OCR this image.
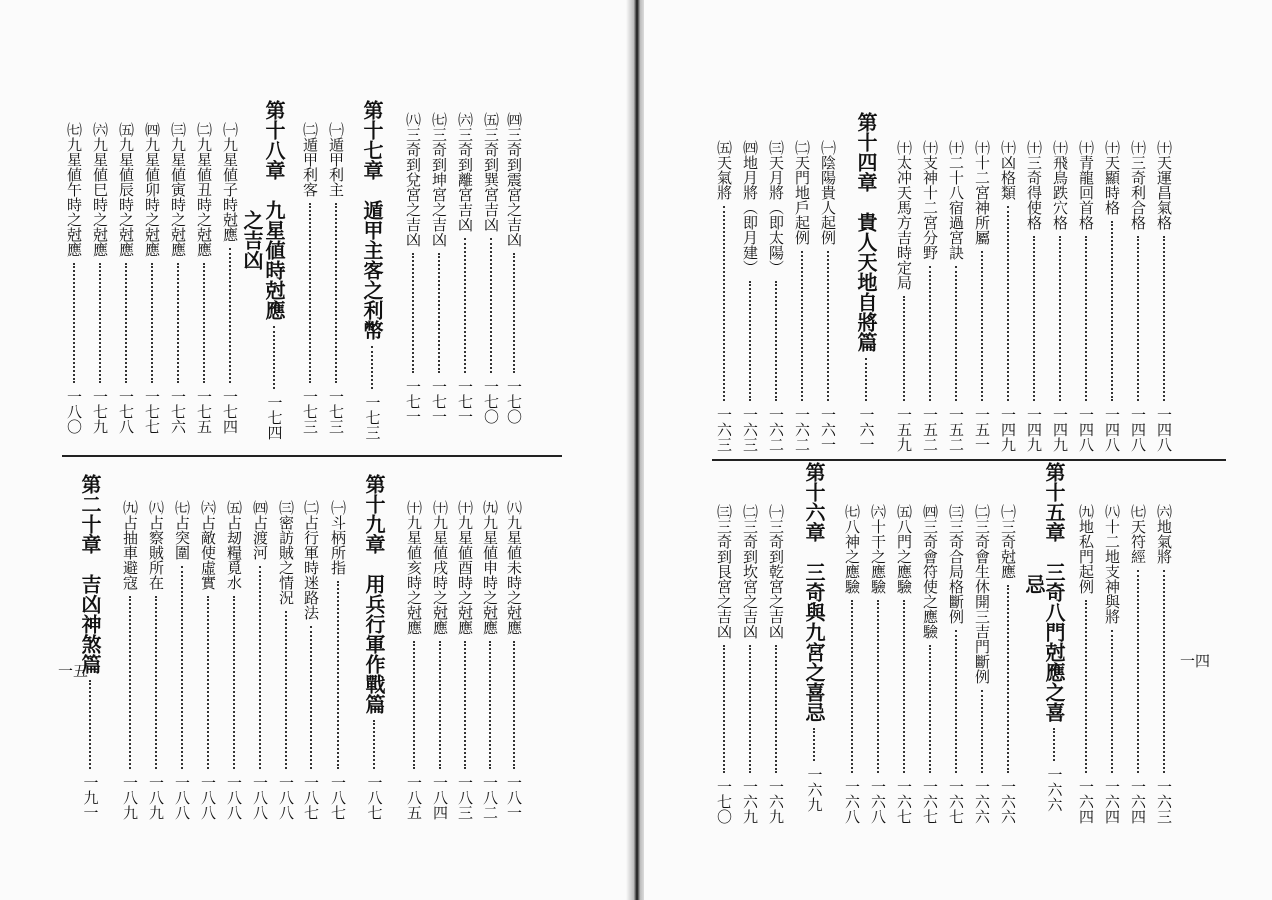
㈣三奇到震宮之吉凶
一七〇
㈤三奇到巽宮吉凶
一七〇
㈥三奇到離宮吉凶
一七一
㈦三奇到坤宮之吉凶
一七一
㈧三奇到兌宮之吉凶
一七一
第十七章　遁甲主客之利幣
一七三
㈠遁甲利主
一七三
㈡遁甲利客
一七三
第十八章　九星値時尅應
一七四
之吉凶
㈠九星値子時尅應
一七四
㈡九星値丑時之尅應
一七五
㈢九星値寅時之尅應
一七六
㈣九星値卯時之尅應
一七七
㈤九星値辰時之尅應
一七八
㈥九星値巳時之尅應
一七九
㈦九星値午時之尅應
一八〇
㈧九星値未時之尅應
一八一
㈨九星値申時之尅應
一八二
㈩九星値酉時之尅應
一八三
㈩九星値戌時之尅應
一八四
㈩九星値亥時之尅應
一八五
第十九章　用兵行軍作戰篇
一八七
㈠斗柄所指
一八七
㈡占行軍時迷路法
一八七
㈢密訪賊之情況
一八八
㈣占渡河
一八八
㈤占刼糧覓水
一八八
㈥占敵使虛實
一八八
㈦占突圍
一八八
㈧占察賊所在
一八九
㈨占抽車避寇
一八九
第二十章　吉凶神煞篇
一九一
一五
㈩天運昌氣格
一四八
㈩三奇利合格
一四八
㈩天顯時格
一四八
㈩青龍回首格
一四八
㈩飛鳥跌穴格
一四九
㈩三奇得使格
一四九
㈩凶格類
一四九
㈩十二宮神所屬
一五一
㈩二十八宿過宮訣
一五二
㈩支神十二宮分野
一五二
㈩太冲天馬方吉時定局
一五九
第十四章　貴人天地自將篇
一六一
㈠陰陽貴人起例
一六一
㈡天門地戶起例
一六二
㈢天月將（即太陽）
一六二
㈣地月將（即月建）
一六三
㈤天氣將
一六三
㈥地氣將
一六三
㈦天符經
一六四
㈧十二地支神與將
一六四
㈨地私門起例
一六四
第十五章　三奇八門尅應之喜
一六六
忌
㈠三奇尅應
一六六
㈡三奇會生休開三吉門斷例
一六六
㈢三奇合局格斷例
一六七
㈣三奇會符使之應驗
一六七
㈤八門之應驗
一六七
㈥十干之應驗
一六八
㈦八神之應驗
一六八
第十六章　三奇與九宮之喜忌
一六九
㈠三奇到乾宮之吉凶
一六九
㈡三奇到坎宮之吉凶
一六九
㈢三奇到艮宮之吉凶
一七〇
一四
